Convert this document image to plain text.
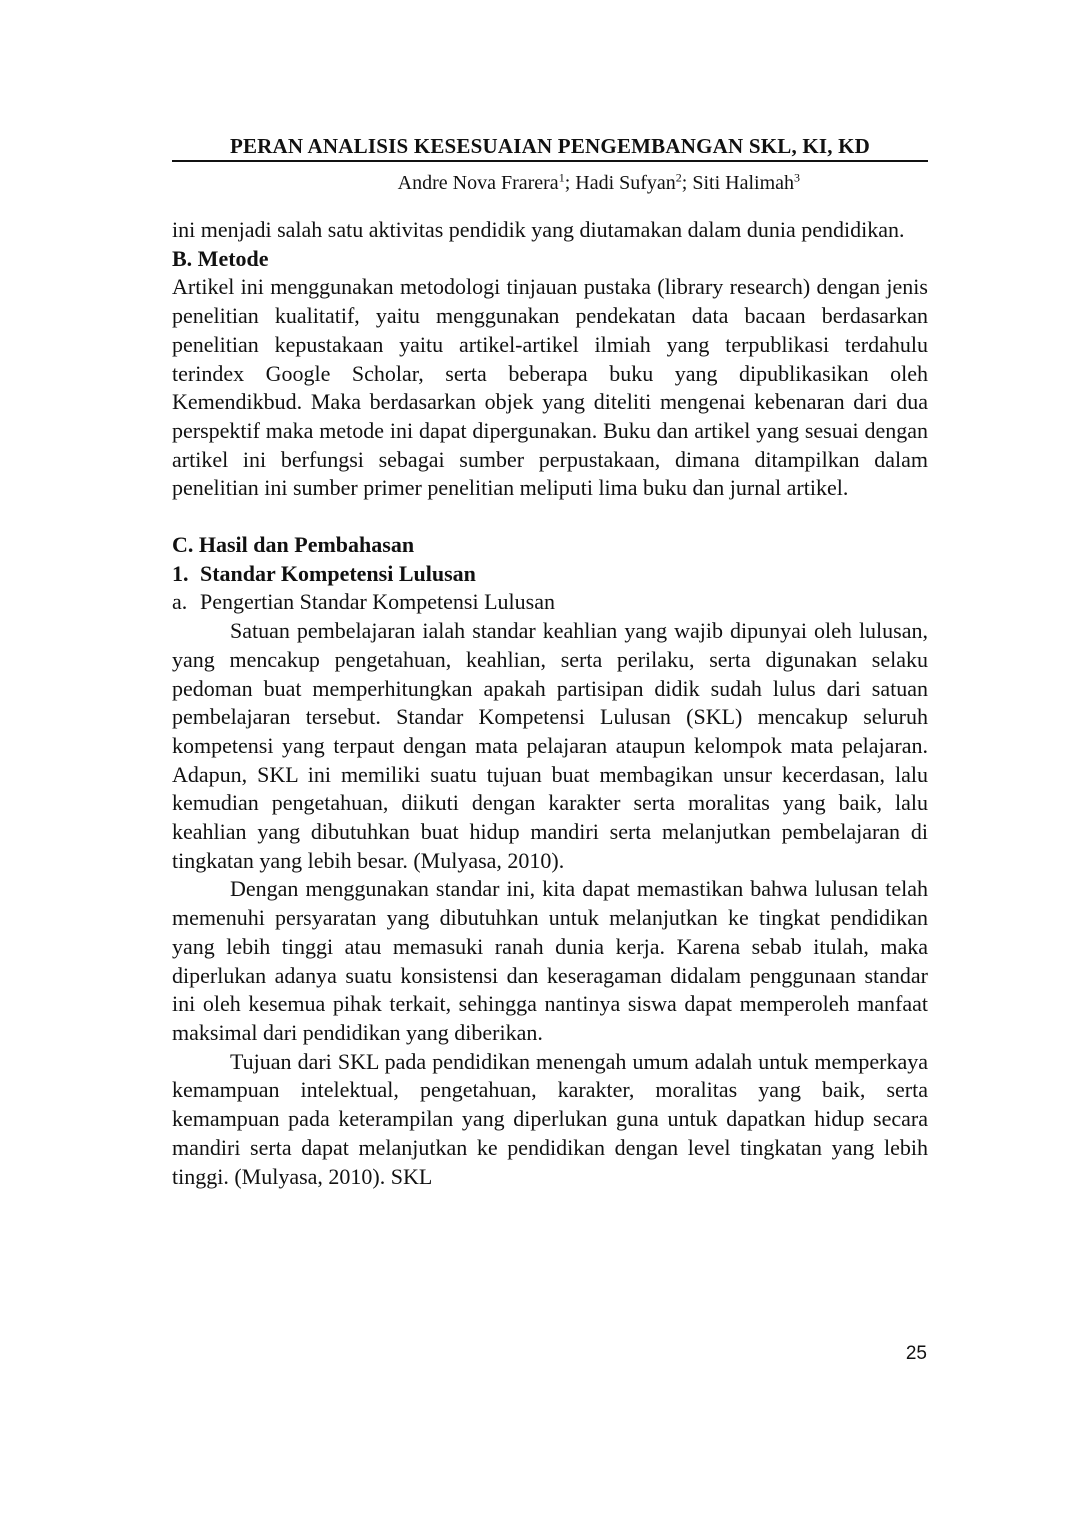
PERAN ANALISIS KESESUAIAN PENGEMBANGAN SKL, KI, KD
Andre Nova Frarera$^1$; Hadi Sufyan$^2$; Siti Halimah$^3$

ini menjadi salah satu aktivitas pendidik yang diutamakan dalam dunia pendidikan.

B. Metode

Artikel ini menggunakan metodologi tinjauan pustaka (library research) dengan jenis penelitian kualitatif, yaitu menggunakan pendekatan data bacaan berdasarkan penelitian kepustakaan yaitu artikel-artikel ilmiah yang terpublikasi terdahulu terindex Google Scholar, serta beberapa buku yang dipublikasikan oleh Kemendikbud. Maka berdasarkan objek yang diteliti mengenai kebenaran dari dua perspektif maka metode ini dapat dipergunakan. Buku dan artikel yang sesuai dengan artikel ini berfungsi sebagai sumber perpustakaan, dimana ditampilkan dalam penelitian ini sumber primer penelitian meliputi lima buku dan jurnal artikel.

C. Hasil dan Pembahasan
1. Standar Kompetensi Lulusan
a. Pengertian Standar Kompetensi Lulusan

Satuan pembelajaran ialah standar keahlian yang wajib dipunyai oleh lulusan, yang mencakup pengetahuan, keahlian, serta perilaku, serta digunakan selaku pedoman buat memperhitungkan apakah partisipan didik sudah lulus dari satuan pembelajaran tersebut. Standar Kompetensi Lulusan (SKL) mencakup seluruh kompetensi yang terpaut dengan mata pelajaran ataupun kelompok mata pelajaran. Adapun, SKL ini memiliki suatu tujuan buat membagikan unsur kecerdasan, lalu kemudian pengetahuan, diikuti dengan karakter serta moralitas yang baik, lalu keahlian yang dibutuhkan buat hidup mandiri serta melanjutkan pembelajaran di tingkatan yang lebih besar. (Mulyasa, 2010).

Dengan menggunakan standar ini, kita dapat memastikan bahwa lulusan telah memenuhi persyaratan yang dibutuhkan untuk melanjutkan ke tingkat pendidikan yang lebih tinggi atau memasuki ranah dunia kerja. Karena sebab itulah, maka diperlukan adanya suatu konsistensi dan keseragaman didalam penggunaan standar ini oleh kesemua pihak terkait, sehingga nantinya siswa dapat memperoleh manfaat maksimal dari pendidikan yang diberikan.

Tujuan dari SKL pada pendidikan menengah umum adalah untuk memperkaya kemampuan intelektual, pengetahuan, karakter, moralitas yang baik, serta kemampuan pada keterampilan yang diperlukan guna untuk dapatkan hidup secara mandiri serta dapat melanjutkan ke pendidikan dengan level tingkatan yang lebih tinggi. (Mulyasa, 2010). SKL

25
